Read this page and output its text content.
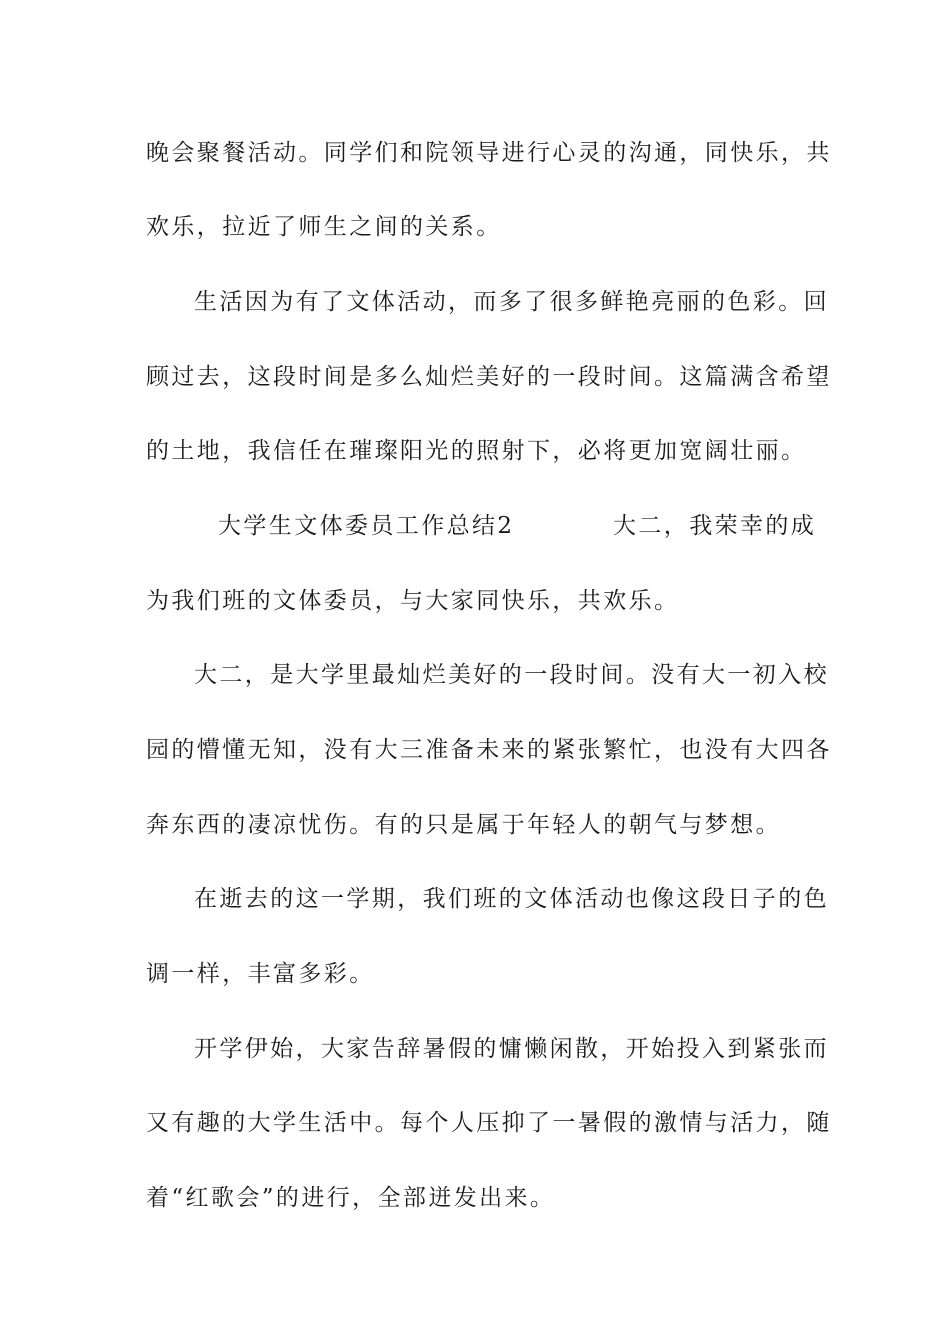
晚会聚餐活动。同学们和院领导进行心灵的沟通，同快乐，共
欢乐，拉近了师生之间的关系。
生活因为有了文体活动，而多了很多鲜艳亮丽的色彩。回
顾过去，这段时间是多么灿烂美好的一段时间。这篇满含希望
的土地，我信任在璀璨阳光的照射下，必将更加宽阔壮丽。
大学生文体委员工作总结2	大二，我荣幸的成
为我们班的文体委员，与大家同快乐，共欢乐。
大二，是大学里最灿烂美好的一段时间。没有大一初入校
园的懵懂无知，没有大三准备未来的紧张繁忙，也没有大四各
奔东西的凄凉忧伤。有的只是属于年轻人的朝气与梦想。
在逝去的这一学期，我们班的文体活动也像这段日子的色
调一样，丰富多彩。
开学伊始，大家告辞暑假的慵懒闲散，开始投入到紧张而
又有趣的大学生活中。每个人压抑了一暑假的激情与活力，随
着“红歌会”的进行，全部迸发出来。
